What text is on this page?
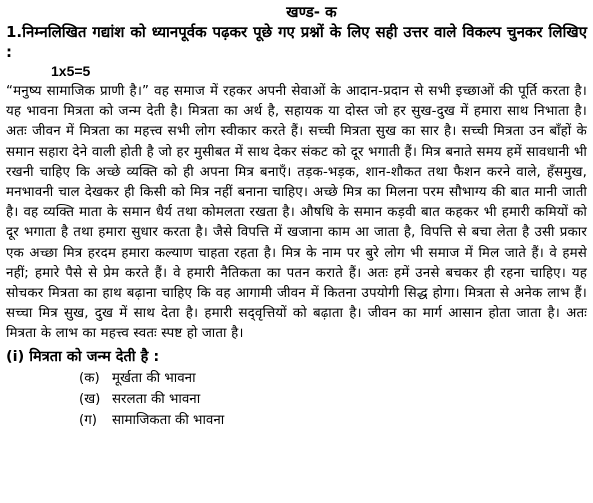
खण्ड- क

1.निम्नलिखित गद्यांश को ध्यानपूर्वक पढ़कर पूछे गए प्रश्नों के लिए सही उत्तर वाले विकल्प चुनकर लिखिए :

1x5=5

“मनुष्य सामाजिक प्राणी है।” वह समाज में रहकर अपनी सेवाओं के आदान-प्रदान से सभी इच्छाओं की पूर्ति करता है। यह भावना मित्रता को जन्म देती है। मित्रता का अर्थ है, सहायक या दोस्त जो हर सुख-दुख में हमारा साथ निभाता है। अतः जीवन में मित्रता का महत्त्व सभी लोग स्वीकार करते हैं। सच्ची मित्रता सुख का सार है। सच्ची मित्रता उन बाँहों के समान सहारा देने वाली होती है जो हर मुसीबत में साथ देकर संकट को दूर भगाती हैं। मित्र बनाते समय हमें सावधानी भी रखनी चाहिए कि अच्छे व्यक्ति को ही अपना मित्र बनाएँ। तड़क-भड़क, शान-शौकत तथा फैशन करने वाले, हँसमुख, मनभावनी चाल देखकर ही किसी को मित्र नहीं बनाना चाहिए। अच्छे मित्र का मिलना परम सौभाग्य की बात मानी जाती है। वह व्यक्ति माता के समान धैर्य तथा कोमलता रखता है। औषधि के समान कड़वी बात कहकर भी हमारी कमियों को दूर भगाता है तथा हमारा सुधार करता है। जैसे विपत्ति में खजाना काम आ जाता है, विपत्ति से बचा लेता है उसी प्रकार एक अच्छा मित्र हरदम हमारा कल्याण चाहता रहता है। मित्र के नाम पर बुरे लोग भी समाज में मिल जाते हैं। वे हमसे नहीं; हमारे पैसे से प्रेम करते हैं। वे हमारी नैतिकता का पतन कराते हैं। अतः हमें उनसे बचकर ही रहना चाहिए। यह सोचकर मित्रता का हाथ बढ़ाना चाहिए कि वह आगामी जीवन में कितना उपयोगी सिद्ध होगा। मित्रता से अनेक लाभ हैं। सच्चा मित्र सुख, दुख में साथ देता है। हमारी सद्‌वृत्तियों को बढ़ाता है। जीवन का मार्ग आसान होता जाता है। अतः मित्रता के लाभ का महत्त्व स्वतः स्पष्ट हो जाता है।

(i) मित्रता को जन्म देती है :
(क) मूर्खता की भावना
(ख) सरलता की भावना
(ग) सामाजिकता की भावना
